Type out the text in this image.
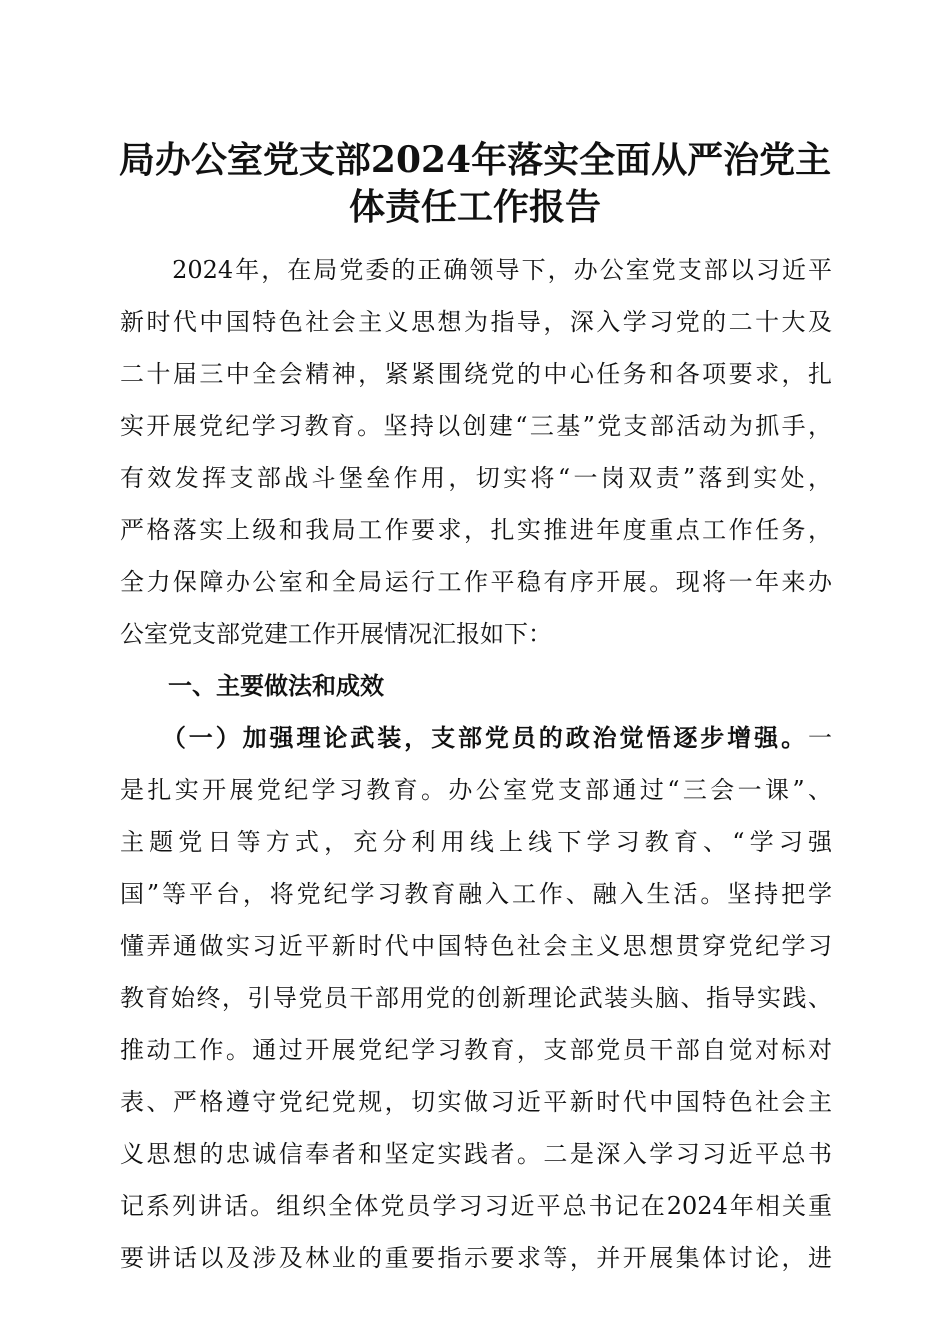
局办公室党支部2024年落实全面从严治党主
体责任工作报告
　　2024年，在局党委的正确领导下，办公室党支部以习近平
新时代中国特色社会主义思想为指导，深入学习党的二十大及
二十届三中全会精神，紧紧围绕党的中心任务和各项要求，扎
实开展党纪学习教育。坚持以创建“三基”党支部活动为抓手，
有效发挥支部战斗堡垒作用，切实将“一岗双责”落到实处，
严格落实上级和我局工作要求，扎实推进年度重点工作任务，
全力保障办公室和全局运行工作平稳有序开展。现将一年来办
公室党支部党建工作开展情况汇报如下：
　　一、主要做法和成效
　　（一）加强理论武装，支部党员的政治觉悟逐步增强。一
是扎实开展党纪学习教育。办公室党支部通过“三会一课”、
主题党日等方式，充分利用线上线下学习教育、“学习强
国”等平台，将党纪学习教育融入工作、融入生活。坚持把学
懂弄通做实习近平新时代中国特色社会主义思想贯穿党纪学习
教育始终，引导党员干部用党的创新理论武装头脑、指导实践、
推动工作。通过开展党纪学习教育，支部党员干部自觉对标对
表、严格遵守党纪党规，切实做习近平新时代中国特色社会主
义思想的忠诚信奉者和坚定实践者。二是深入学习习近平总书
记系列讲话。组织全体党员学习习近平总书记在2024年相关重
要讲话以及涉及林业的重要指示要求等，并开展集体讨论，进
